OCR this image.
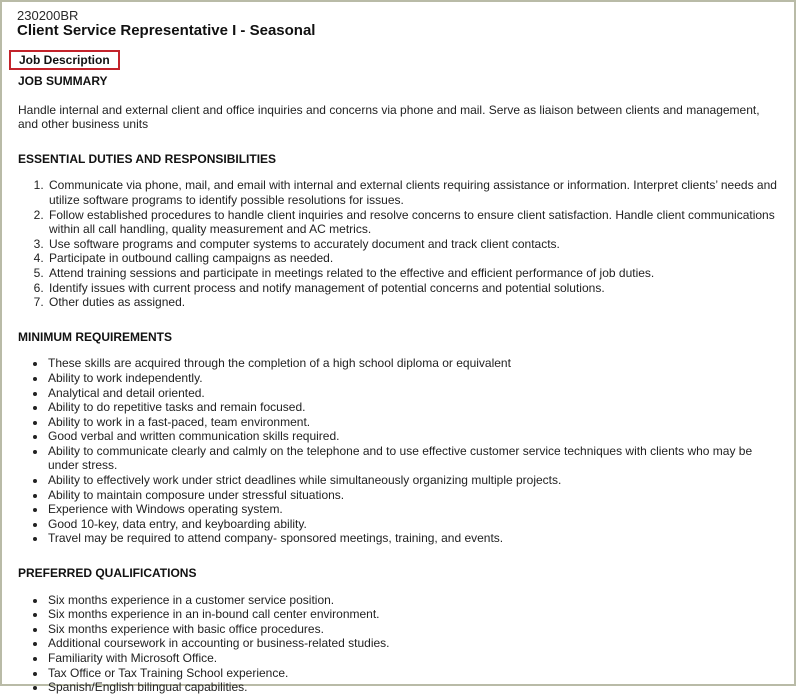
230200BR
Client Service Representative I - Seasonal
Job Description
JOB SUMMARY

Handle internal and external client and office inquiries and concerns via phone and mail. Serve as liaison between clients and management, and other business units

ESSENTIAL DUTIES AND RESPONSIBILITIES
1. Communicate via phone, mail, and email with internal and external clients requiring assistance or information. Interpret clients’ needs and utilize software programs to identify possible resolutions for issues.
2. Follow established procedures to handle client inquiries and resolve concerns to ensure client satisfaction. Handle client communications within all call handling, quality measurement and AC metrics.
3. Use software programs and computer systems to accurately document and track client contacts.
4. Participate in outbound calling campaigns as needed.
5. Attend training sessions and participate in meetings related to the effective and efficient performance of job duties.
6. Identify issues with current process and notify management of potential concerns and potential solutions.
7. Other duties as assigned.
MINIMUM REQUIREMENTS
• These skills are acquired through the completion of a high school diploma or equivalent
• Ability to work independently.
• Analytical and detail oriented.
• Ability to do repetitive tasks and remain focused.
• Ability to work in a fast-paced, team environment.
• Good verbal and written communication skills required.
• Ability to communicate clearly and calmly on the telephone and to use effective customer service techniques with clients who may be under stress.
• Ability to effectively work under strict deadlines while simultaneously organizing multiple projects.
• Ability to maintain composure under stressful situations.
• Experience with Windows operating system.
• Good 10-key, data entry, and keyboarding ability.
• Travel may be required to attend company- sponsored meetings, training, and events.
PREFERRED QUALIFICATIONS
• Six months experience in a customer service position.
• Six months experience in an in-bound call center environment.
• Six months experience with basic office procedures.
• Additional coursework in accounting or business-related studies.
• Familiarity with Microsoft Office.
• Tax Office or Tax Training School experience.
• Spanish/English bilingual capabilities.
